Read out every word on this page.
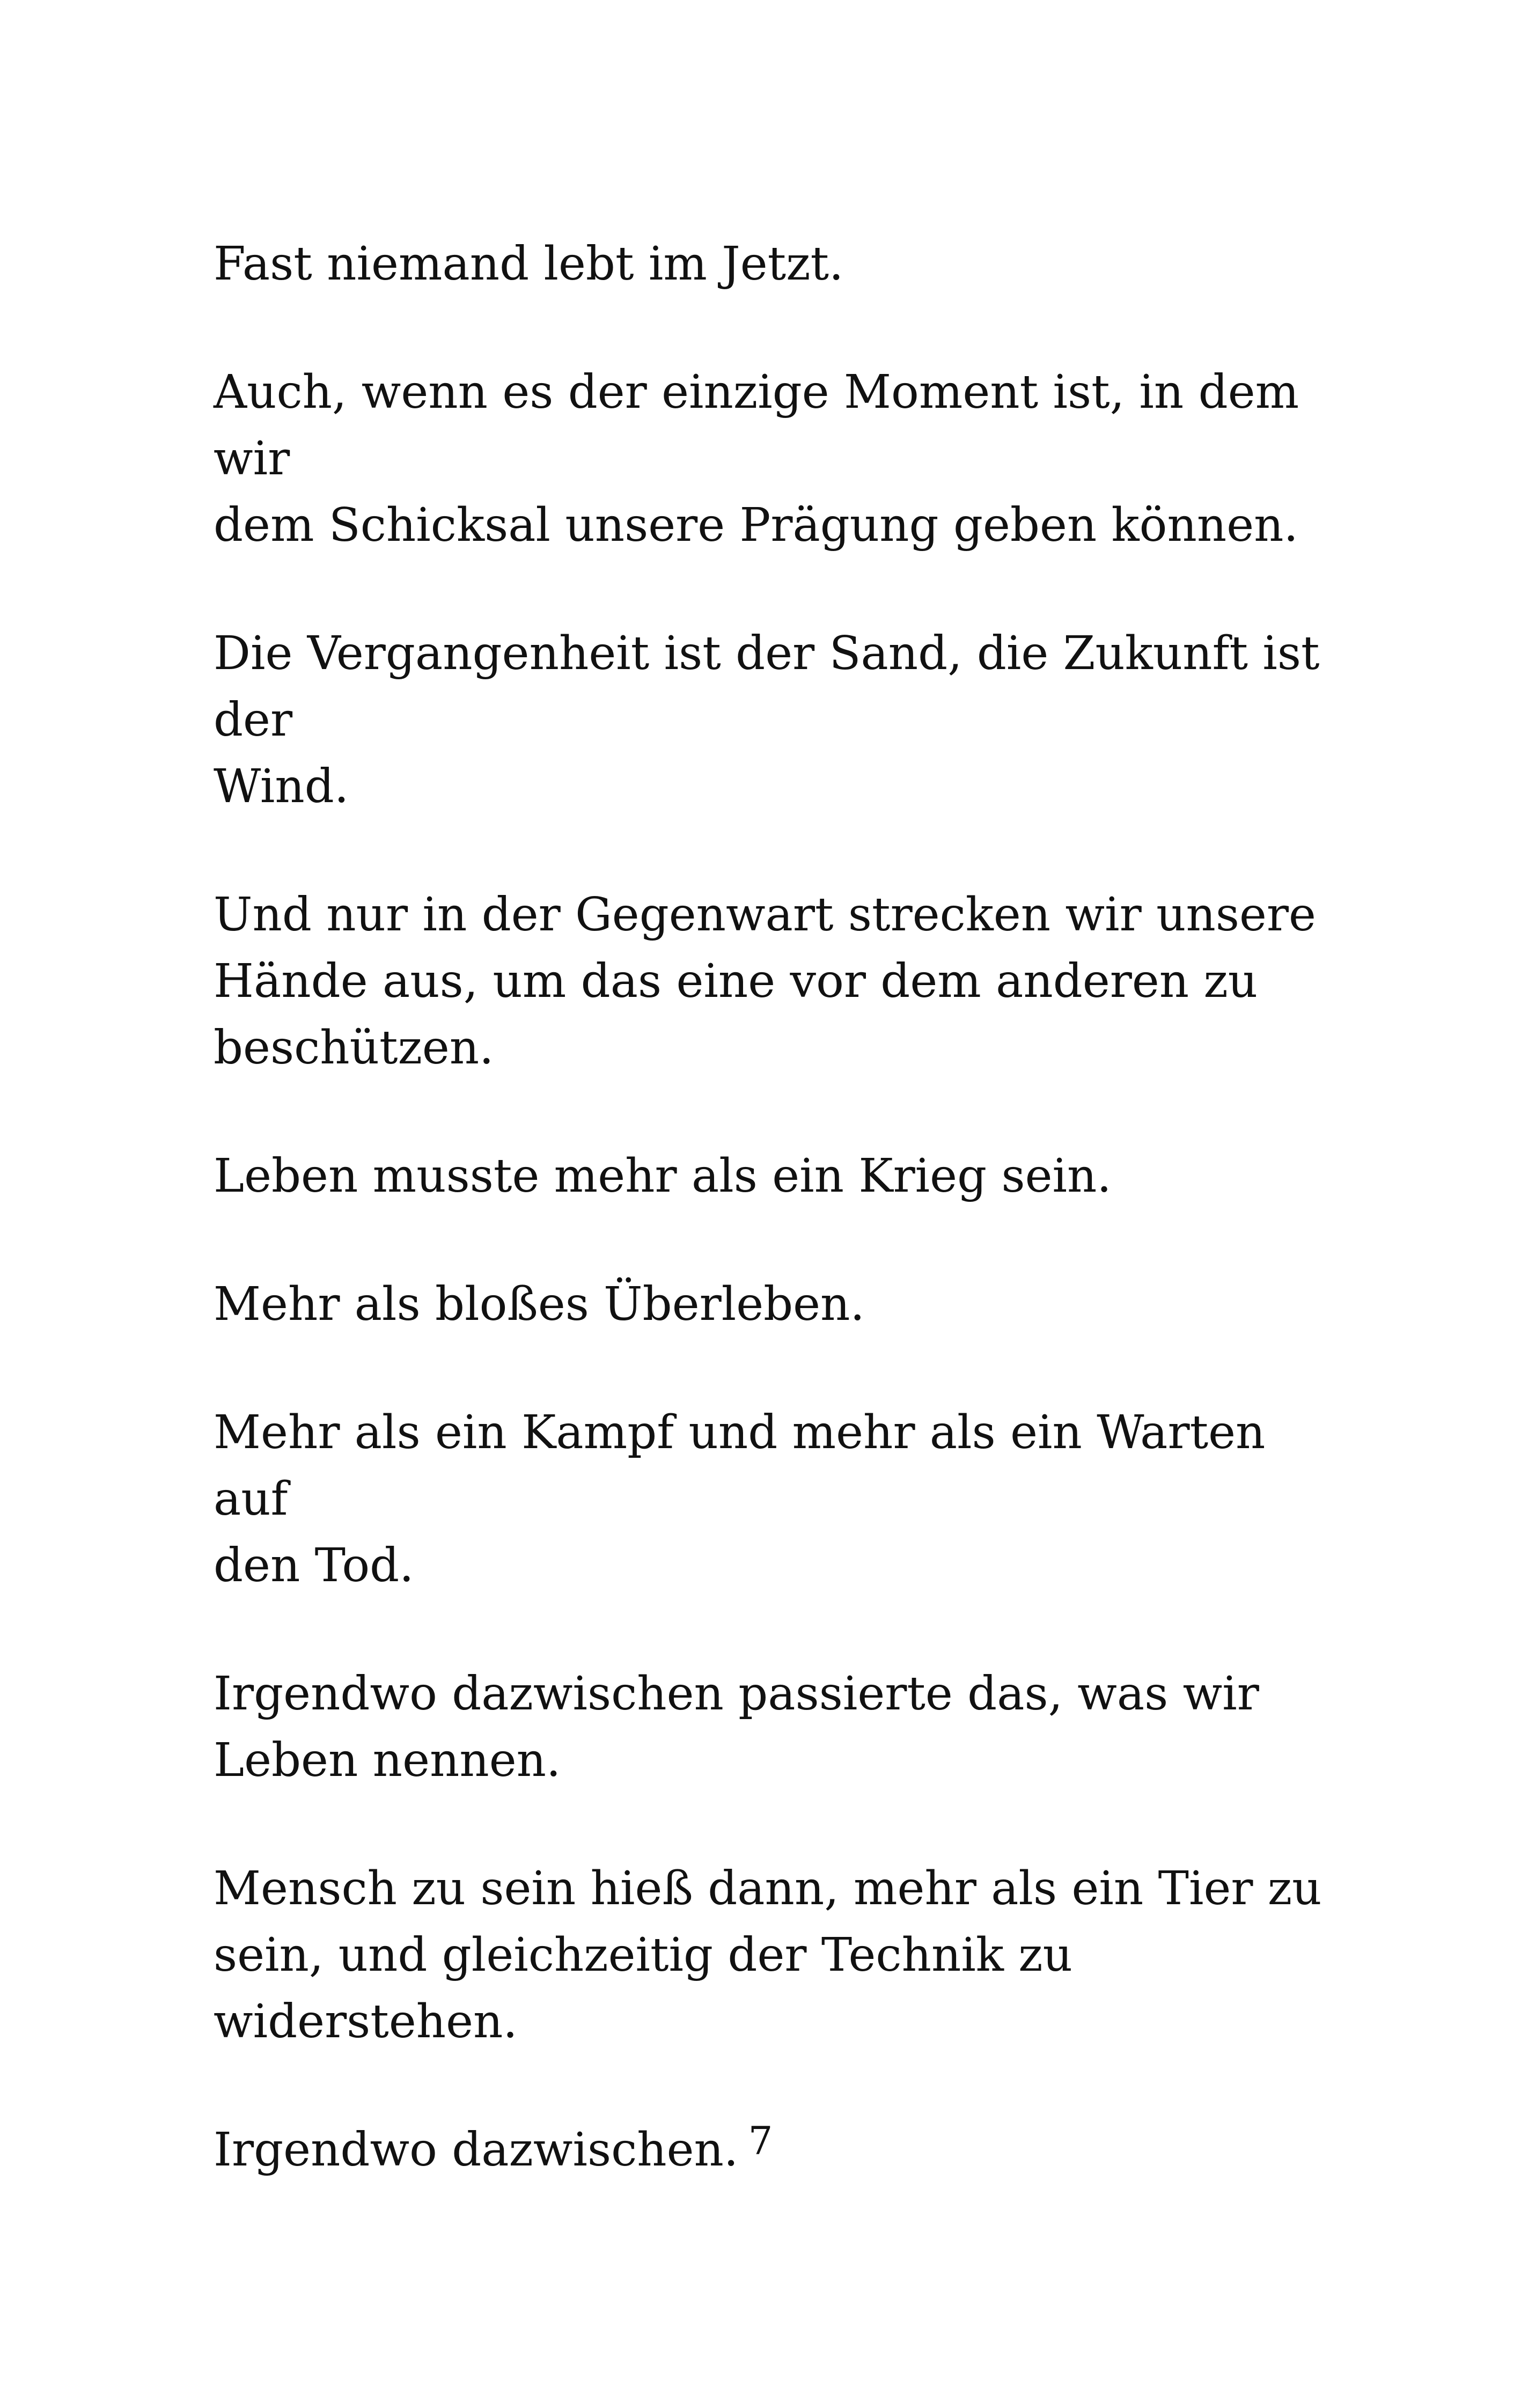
Fast niemand lebt im Jetzt.

Auch, wenn es der einzige Moment ist, in dem wir
dem Schicksal unsere Prägung geben können.

Die Vergangenheit ist der Sand, die Zukunft ist der
Wind.

Und nur in der Gegenwart strecken wir unsere
Hände aus, um das eine vor dem anderen zu
beschützen.

Leben musste mehr als ein Krieg sein.

Mehr als bloßes Überleben.

Mehr als ein Kampf und mehr als ein Warten auf
den Tod.

Irgendwo dazwischen passierte das, was wir
Leben nennen.

Mensch zu sein hieß dann, mehr als ein Tier zu
sein, und gleichzeitig der Technik zu widerstehen.

Irgendwo dazwischen. 7
